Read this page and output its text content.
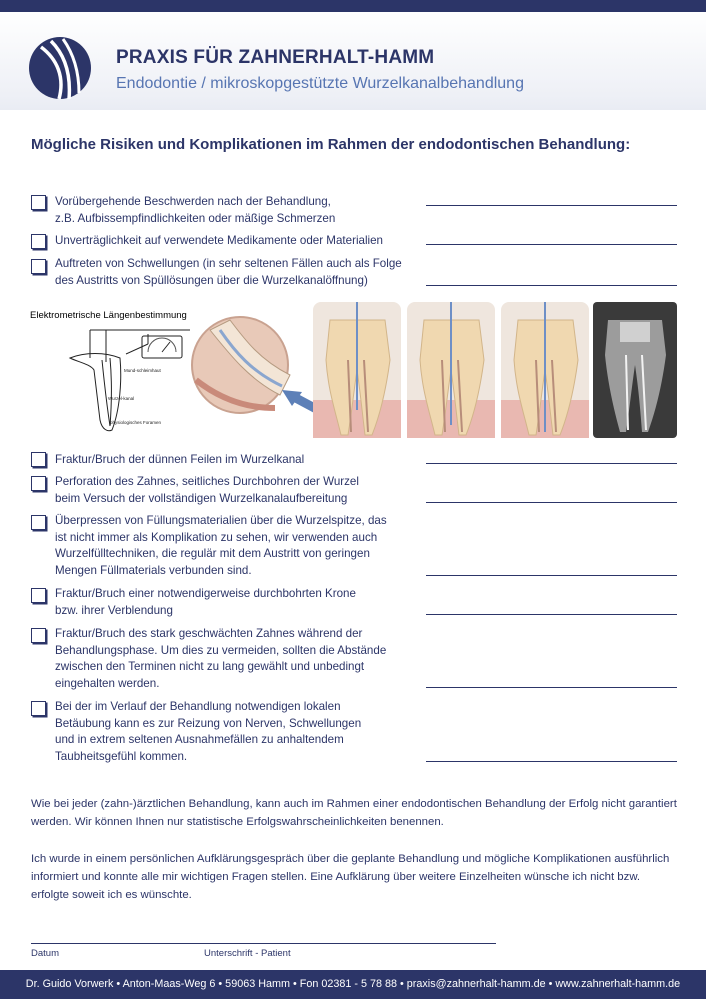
PRAXIS FÜR ZAHNERHALT-HAMM
Endodontie / mikroskopgestützte Wurzelkanalbehandlung
Mögliche Risiken und Komplikationen im Rahmen der endodontischen Behandlung:
Vorübergehende Beschwerden nach der Behandlung,
z.B. Aufbissempfindlichkeiten oder mäßige Schmerzen
Unverträglichkeit auf verwendete Medikamente oder Materialien
Auftreten von Schwellungen (in sehr seltenen Fällen auch als Folge
des Austritts von Spüllösungen über die Wurzelkanalöffnung)
Elektrometrische Längenbestimmung
Mund-schleimhaut
Wurzel-kanal
physiologisches Foramen
Fraktur/Bruch der dünnen Feilen im Wurzelkanal
Perforation des Zahnes, seitliches Durchbohren der Wurzel
beim Versuch der vollständigen Wurzelkanalaufbereitung
Überpressen von Füllungsmaterialien über die Wurzelspitze, das
ist nicht immer als Komplikation zu sehen, wir verwenden auch
Wurzelfülltechniken, die regulär mit dem Austritt von geringen
Mengen Füllmaterials verbunden sind.
Fraktur/Bruch einer notwendigerweise durchbohrten Krone
bzw. ihrer Verblendung
Fraktur/Bruch des stark geschwächten Zahnes während der
Behandlungsphase. Um dies zu vermeiden, sollten die Abstände
zwischen den Terminen nicht zu lang gewählt und unbedingt
eingehalten werden.
Bei der im Verlauf der Behandlung notwendigen lokalen
Betäubung kann es zur Reizung von Nerven, Schwellungen
und in extrem seltenen Ausnahmefällen zu anhaltendem
Taubheitsgefühl kommen.
Wie bei jeder (zahn-)ärztlichen Behandlung, kann auch im Rahmen einer endodontischen Behandlung der Erfolg nicht garantiert werden. Wir können Ihnen nur statistische Erfolgswahrscheinlichkeiten benennen.
Ich wurde in einem persönlichen Aufklärungsgespräch über die geplante Behandlung und mögliche Komplikationen ausführlich informiert und konnte alle mir wichtigen Fragen stellen. Eine Aufklärung über weitere Einzelheiten wünsche ich nicht bzw. erfolgte soweit ich es wünschte.
Datum	Unterschrift - Patient
Dr. Guido Vorwerk • Anton-Maas-Weg 6 • 59063 Hamm • Fon 02381 - 5 78 88 • praxis@zahnerhalt-hamm.de • www.zahnerhalt-hamm.de
